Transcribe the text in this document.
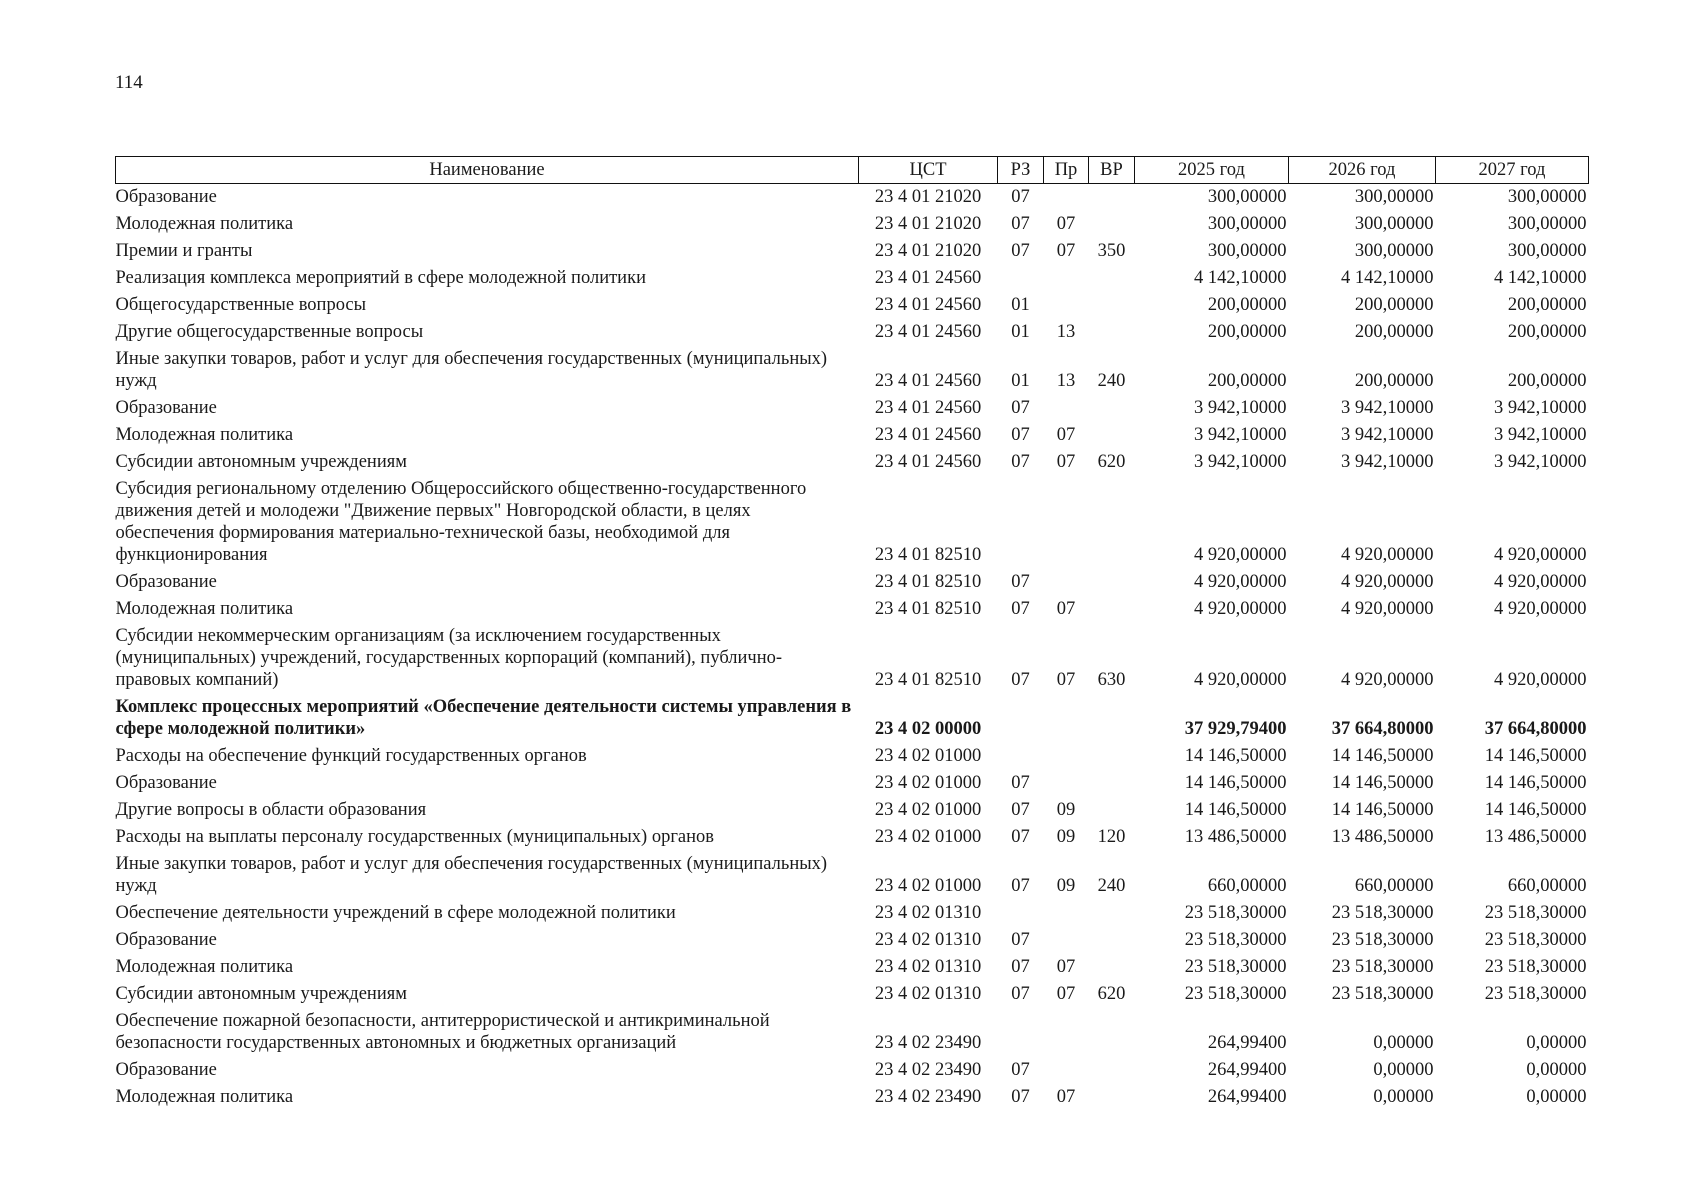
114
Наименование	ЦСТ	РЗ	Пр	ВР	2025 год	2026 год	2027 год
Образование	23 4 01 21020	07			300,00000	300,00000	300,00000
Молодежная политика	23 4 01 21020	07	07		300,00000	300,00000	300,00000
Премии и гранты	23 4 01 21020	07	07	350	300,00000	300,00000	300,00000
Реализация комплекса мероприятий в сфере молодежной политики	23 4 01 24560				4 142,10000	4 142,10000	4 142,10000
Общегосударственные вопросы	23 4 01 24560	01			200,00000	200,00000	200,00000
Другие общегосударственные вопросы	23 4 01 24560	01	13		200,00000	200,00000	200,00000
Иные закупки товаров, работ и услуг для обеспечения государственных (муниципальных) нужд	23 4 01 24560	01	13	240	200,00000	200,00000	200,00000
Образование	23 4 01 24560	07			3 942,10000	3 942,10000	3 942,10000
Молодежная политика	23 4 01 24560	07	07		3 942,10000	3 942,10000	3 942,10000
Субсидии автономным учреждениям	23 4 01 24560	07	07	620	3 942,10000	3 942,10000	3 942,10000
Субсидия региональному отделению Общероссийского общественно-государственного движения детей и молодежи "Движение первых" Новгородской области, в целях обеспечения формирования материально-технической базы, необходимой для функционирования	23 4 01 82510				4 920,00000	4 920,00000	4 920,00000
Образование	23 4 01 82510	07			4 920,00000	4 920,00000	4 920,00000
Молодежная политика	23 4 01 82510	07	07		4 920,00000	4 920,00000	4 920,00000
Субсидии некоммерческим организациям (за исключением государственных (муниципальных) учреждений, государственных корпораций (компаний), публично-правовых компаний)	23 4 01 82510	07	07	630	4 920,00000	4 920,00000	4 920,00000
Комплекс процессных мероприятий «Обеспечение деятельности системы управления в сфере молодежной политики»	23 4 02 00000				37 929,79400	37 664,80000	37 664,80000
Расходы на обеспечение функций государственных органов	23 4 02 01000				14 146,50000	14 146,50000	14 146,50000
Образование	23 4 02 01000	07			14 146,50000	14 146,50000	14 146,50000
Другие вопросы в области образования	23 4 02 01000	07	09		14 146,50000	14 146,50000	14 146,50000
Расходы на выплаты персоналу государственных (муниципальных) органов	23 4 02 01000	07	09	120	13 486,50000	13 486,50000	13 486,50000
Иные закупки товаров, работ и услуг для обеспечения государственных (муниципальных) нужд	23 4 02 01000	07	09	240	660,00000	660,00000	660,00000
Обеспечение деятельности учреждений в сфере молодежной политики	23 4 02 01310				23 518,30000	23 518,30000	23 518,30000
Образование	23 4 02 01310	07			23 518,30000	23 518,30000	23 518,30000
Молодежная политика	23 4 02 01310	07	07		23 518,30000	23 518,30000	23 518,30000
Субсидии автономным учреждениям	23 4 02 01310	07	07	620	23 518,30000	23 518,30000	23 518,30000
Обеспечение пожарной безопасности, антитеррористической и антикриминальной безопасности государственных автономных и бюджетных организаций	23 4 02 23490				264,99400	0,00000	0,00000
Образование	23 4 02 23490	07			264,99400	0,00000	0,00000
Молодежная политика	23 4 02 23490	07	07		264,99400	0,00000	0,00000
